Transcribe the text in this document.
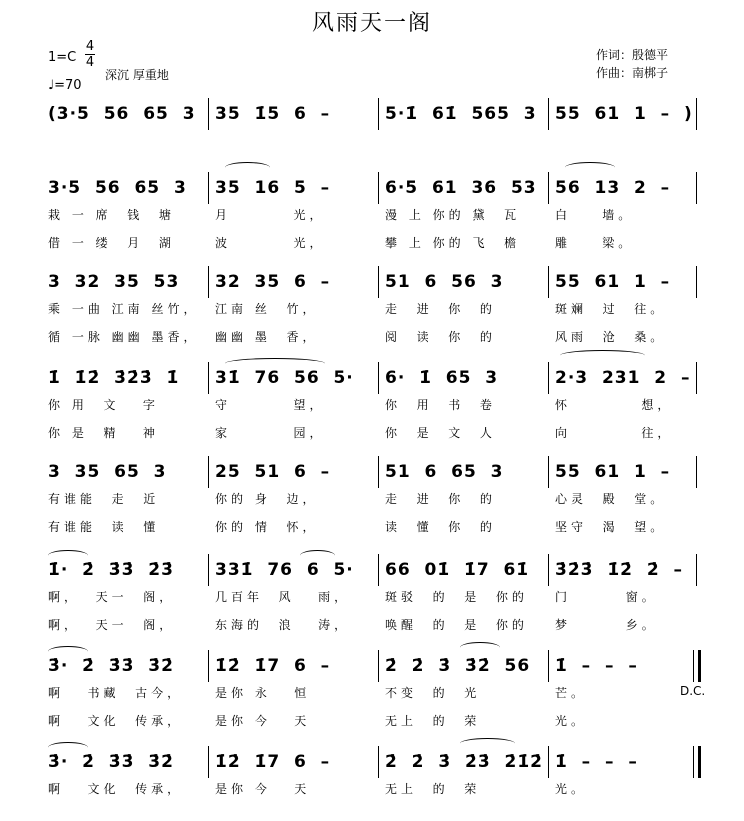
风雨天一阁
1=C
4
4
♩=70
深沉 厚重地
作词：殷德平
作曲：南梆子
(3·5  56  65  3 35  1̇5  6  –	5·1̇  61̇  565  3 55  61  1  –  )
3·5  56  65  3 35  16  5  –	6·5  61  36  53 56  13  2  –
栽 一 席  钱  塘	月        光，	漫 上 你的 黛  瓦	白    墙。
借 一 缕  月  湖	波        光，	攀 上 你的 飞  檐	雕    梁。
3  32  35  53 32  35  6  –	51  6  56  3	55  61  1  –
乘 一曲 江南 丝竹， 江南 丝  竹，	走  进  你  的	斑斓  过  往。
循 一脉 幽幽 墨香， 幽幽 墨  香，	阅  读  你  的	风雨  沧  桑。
1̇  1̇2̇  3̇2̇3̇  1̇ 31̇  76  56  5· 6·  1̇  65  3	2·3  231  2  –
你 用  文   字	守        望，	你  用  书  卷	怀         想，
你 是  精   神	家        园，	你  是  文  人	向         往，
3  35  65  3	25  51  6  –	51  6  65  3	55  61  1  –
有谁能  走  近	你的 身  边，	走  进  你  的	心灵  殿  堂。
有谁能  读  懂	你的 情  怀，	读  懂  你  的	坚守  渴  望。
1̇·  2̇  3̇3̇  2̇3̇ 331̇  76  6  5· 66  01̇  1̇7  61̇ 3̇2̇3̇  1̇2̇  2̇  –
啊，  天一  阁，	几百年  风   雨，	斑驳  的  是  你的 门       窗。
啊，  天一  阁，	东海的  浪   涛，	唤醒  的  是  你的 梦       乡。
3̇·  2̇  3̇3̇  3̇2̇ 1̇2̇  1̇7  6  –	2̇  2̇  3̇  3̇2̇  56 1̇  –  –  –
啊   书藏  古今，	是你 永   恒	不变  的  光	芒。
啊   文化  传承，	是你 今   天	无上  的  荣	光。
3̇·  2̇  3̇3̇  3̇2̇ 1̇2̇  1̇7  6  –	2̇  2̇  3̇  2̇3̇  2̇1̇2̇ 1̇  –  –  –
啊   文化  传承，	是你 今   天	无上  的  荣	光。
D.C.
